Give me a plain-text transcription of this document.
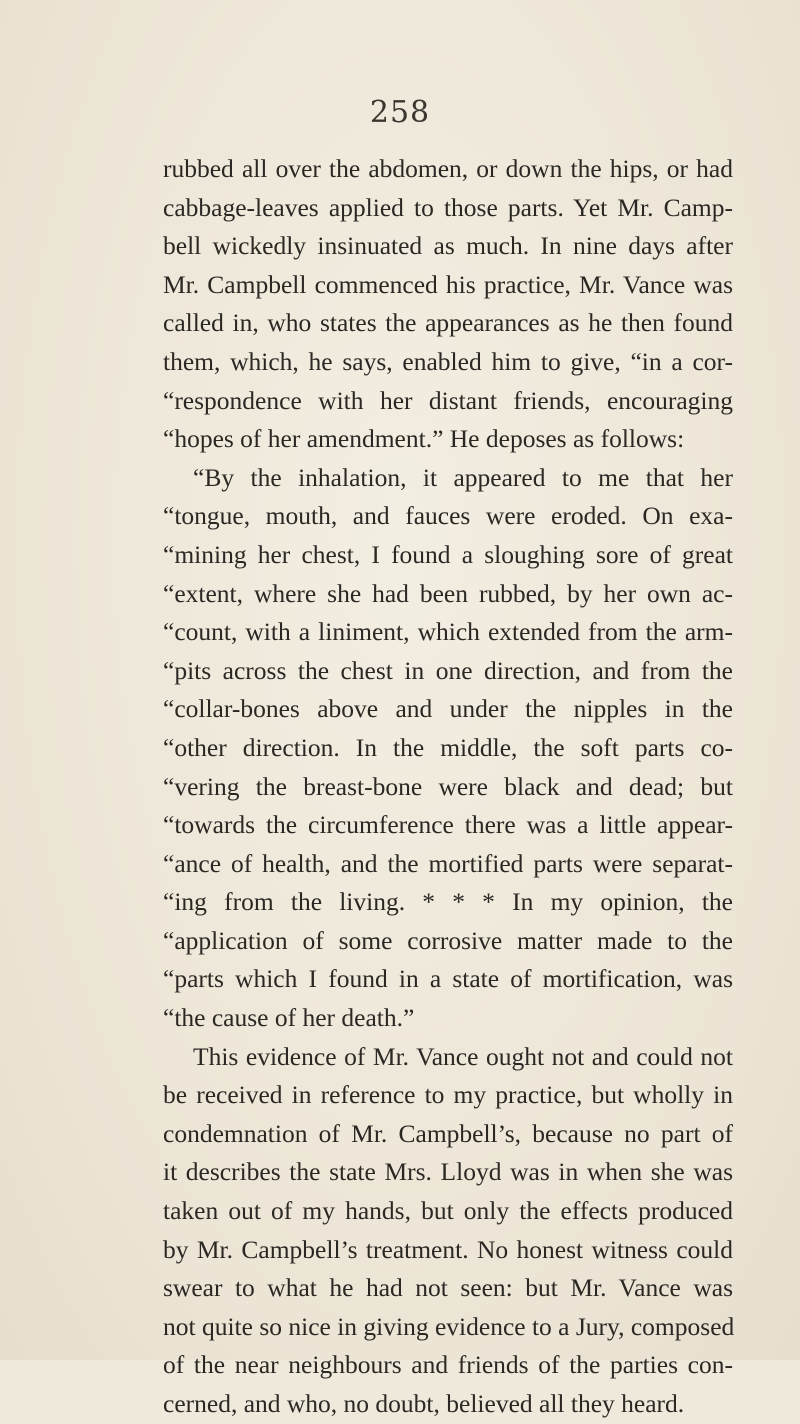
258
rubbed all over the abdomen, or down the hips, or had
cabbage-leaves applied to those parts. Yet Mr. Camp-
bell wickedly insinuated as much. In nine days after
Mr. Campbell commenced his practice, Mr. Vance was
called in, who states the appearances as he then found
them, which, he says, enabled him to give, “in a cor-
“respondence with her distant friends, encouraging
“hopes of her amendment.” He deposes as follows:
“By the inhalation, it appeared to me that her
“tongue, mouth, and fauces were eroded. On exa-
“mining her chest, I found a sloughing sore of great
“extent, where she had been rubbed, by her own ac-
“count, with a liniment, which extended from the arm-
“pits across the chest in one direction, and from the
“collar-bones above and under the nipples in the
“other direction. In the middle, the soft parts co-
“vering the breast-bone were black and dead; but
“towards the circumference there was a little appear-
“ance of health, and the mortified parts were separat-
“ing from the living. * * * In my opinion, the
“application of some corrosive matter made to the
“parts which I found in a state of mortification, was
“the cause of her death.”
This evidence of Mr. Vance ought not and could not
be received in reference to my practice, but wholly in
condemnation of Mr. Campbell’s, because no part of
it describes the state Mrs. Lloyd was in when she was
taken out of my hands, but only the effects produced
by Mr. Campbell’s treatment. No honest witness could
swear to what he had not seen: but Mr. Vance was
not quite so nice in giving evidence to a Jury, composed
of the near neighbours and friends of the parties con-
cerned, and who, no doubt, believed all they heard.
